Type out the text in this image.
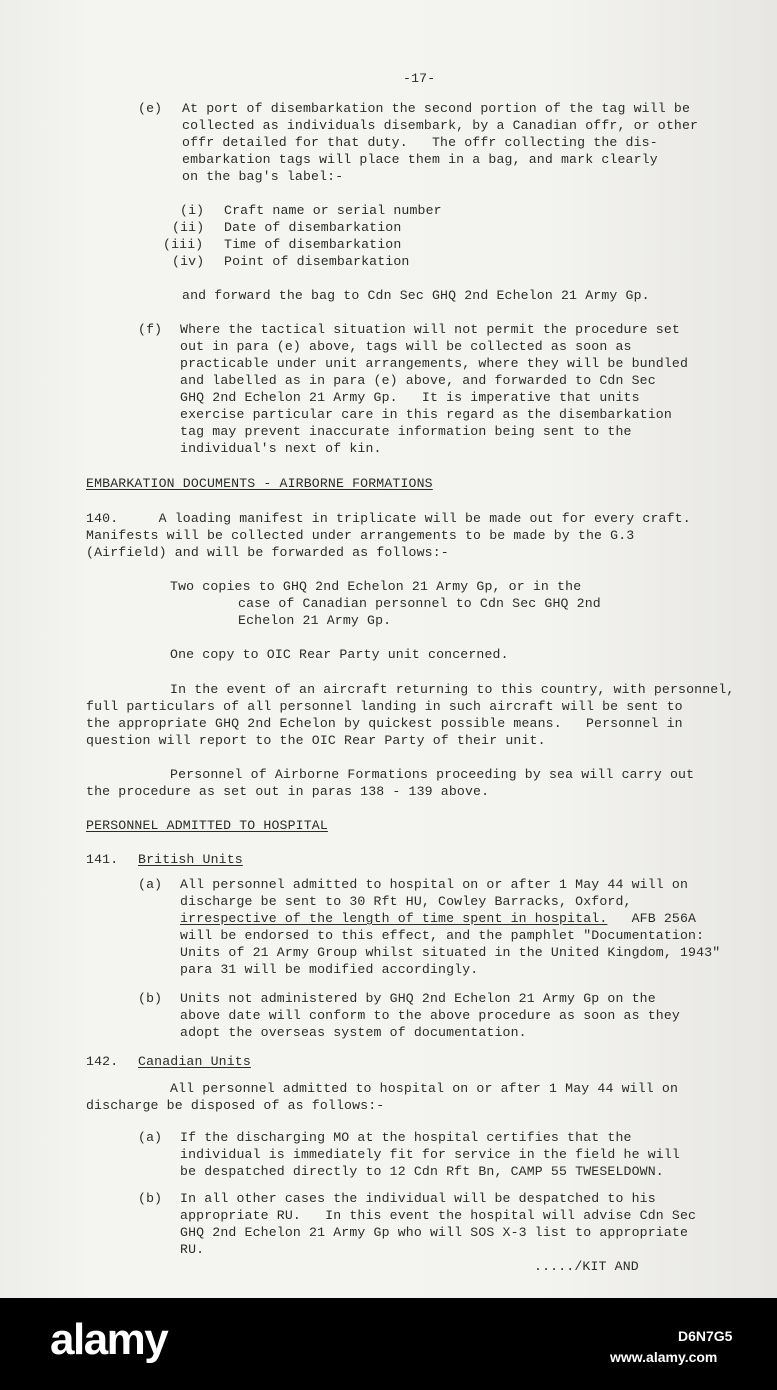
-17-
(e) At port of disembarkation the second portion of the tag will be
collected as individuals disembark, by a Canadian offr, or other
offr detailed for that duty.   The offr collecting the dis-
embarkation tags will place them in a bag, and mark clearly
on the bag's label:-
(i) Craft name or serial number
(ii) Date of disembarkation
(iii) Time of disembarkation
(iv) Point of disembarkation
and forward the bag to Cdn Sec GHQ 2nd Echelon 21 Army Gp.
(f) Where the tactical situation will not permit the procedure set
out in para (e) above, tags will be collected as soon as
practicable under unit arrangements, where they will be bundled
and labelled as in para (e) above, and forwarded to Cdn Sec
GHQ 2nd Echelon 21 Army Gp.   It is imperative that units
exercise particular care in this regard as the disembarkation
tag may prevent inaccurate information being sent to the
individual's next of kin.
EMBARKATION DOCUMENTS - AIRBORNE FORMATIONS
140.     A loading manifest in triplicate will be made out for every craft.
Manifests will be collected under arrangements to be made by the G.3
(Airfield) and will be forwarded as follows:-
Two copies to GHQ 2nd Echelon 21 Army Gp, or in the
case of Canadian personnel to Cdn Sec GHQ 2nd
Echelon 21 Army Gp.
One copy to OIC Rear Party unit concerned.
In the event of an aircraft returning to this country, with personnel,
full particulars of all personnel landing in such aircraft will be sent to
the appropriate GHQ 2nd Echelon by quickest possible means.   Personnel in
question will report to the OIC Rear Party of their unit.
Personnel of Airborne Formations proceeding by sea will carry out
the procedure as set out in paras 138 - 139 above.
PERSONNEL ADMITTED TO HOSPITAL
141. British Units
(a) All personnel admitted to hospital on or after 1 May 44 will on
discharge be sent to 30 Rft HU, Cowley Barracks, Oxford,
irrespective of the length of time spent in hospital.   AFB 256A
will be endorsed to this effect, and the pamphlet "Documentation:
Units of 21 Army Group whilst situated in the United Kingdom, 1943"
para 31 will be modified accordingly.
(b) Units not administered by GHQ 2nd Echelon 21 Army Gp on the
above date will conform to the above procedure as soon as they
adopt the overseas system of documentation.
142. Canadian Units
All personnel admitted to hospital on or after 1 May 44 will on
discharge be disposed of as follows:-
(a) If the discharging MO at the hospital certifies that the
individual is immediately fit for service in the field he will
be despatched directly to 12 Cdn Rft Bn, CAMP 55 TWESELDOWN.
(b) In all other cases the individual will be despatched to his
appropriate RU.   In this event the hospital will advise Cdn Sec
GHQ 2nd Echelon 21 Army Gp who will SOS X-3 list to appropriate
RU.
...../KIT AND
alamy	D6N7G5
www.alamy.com
